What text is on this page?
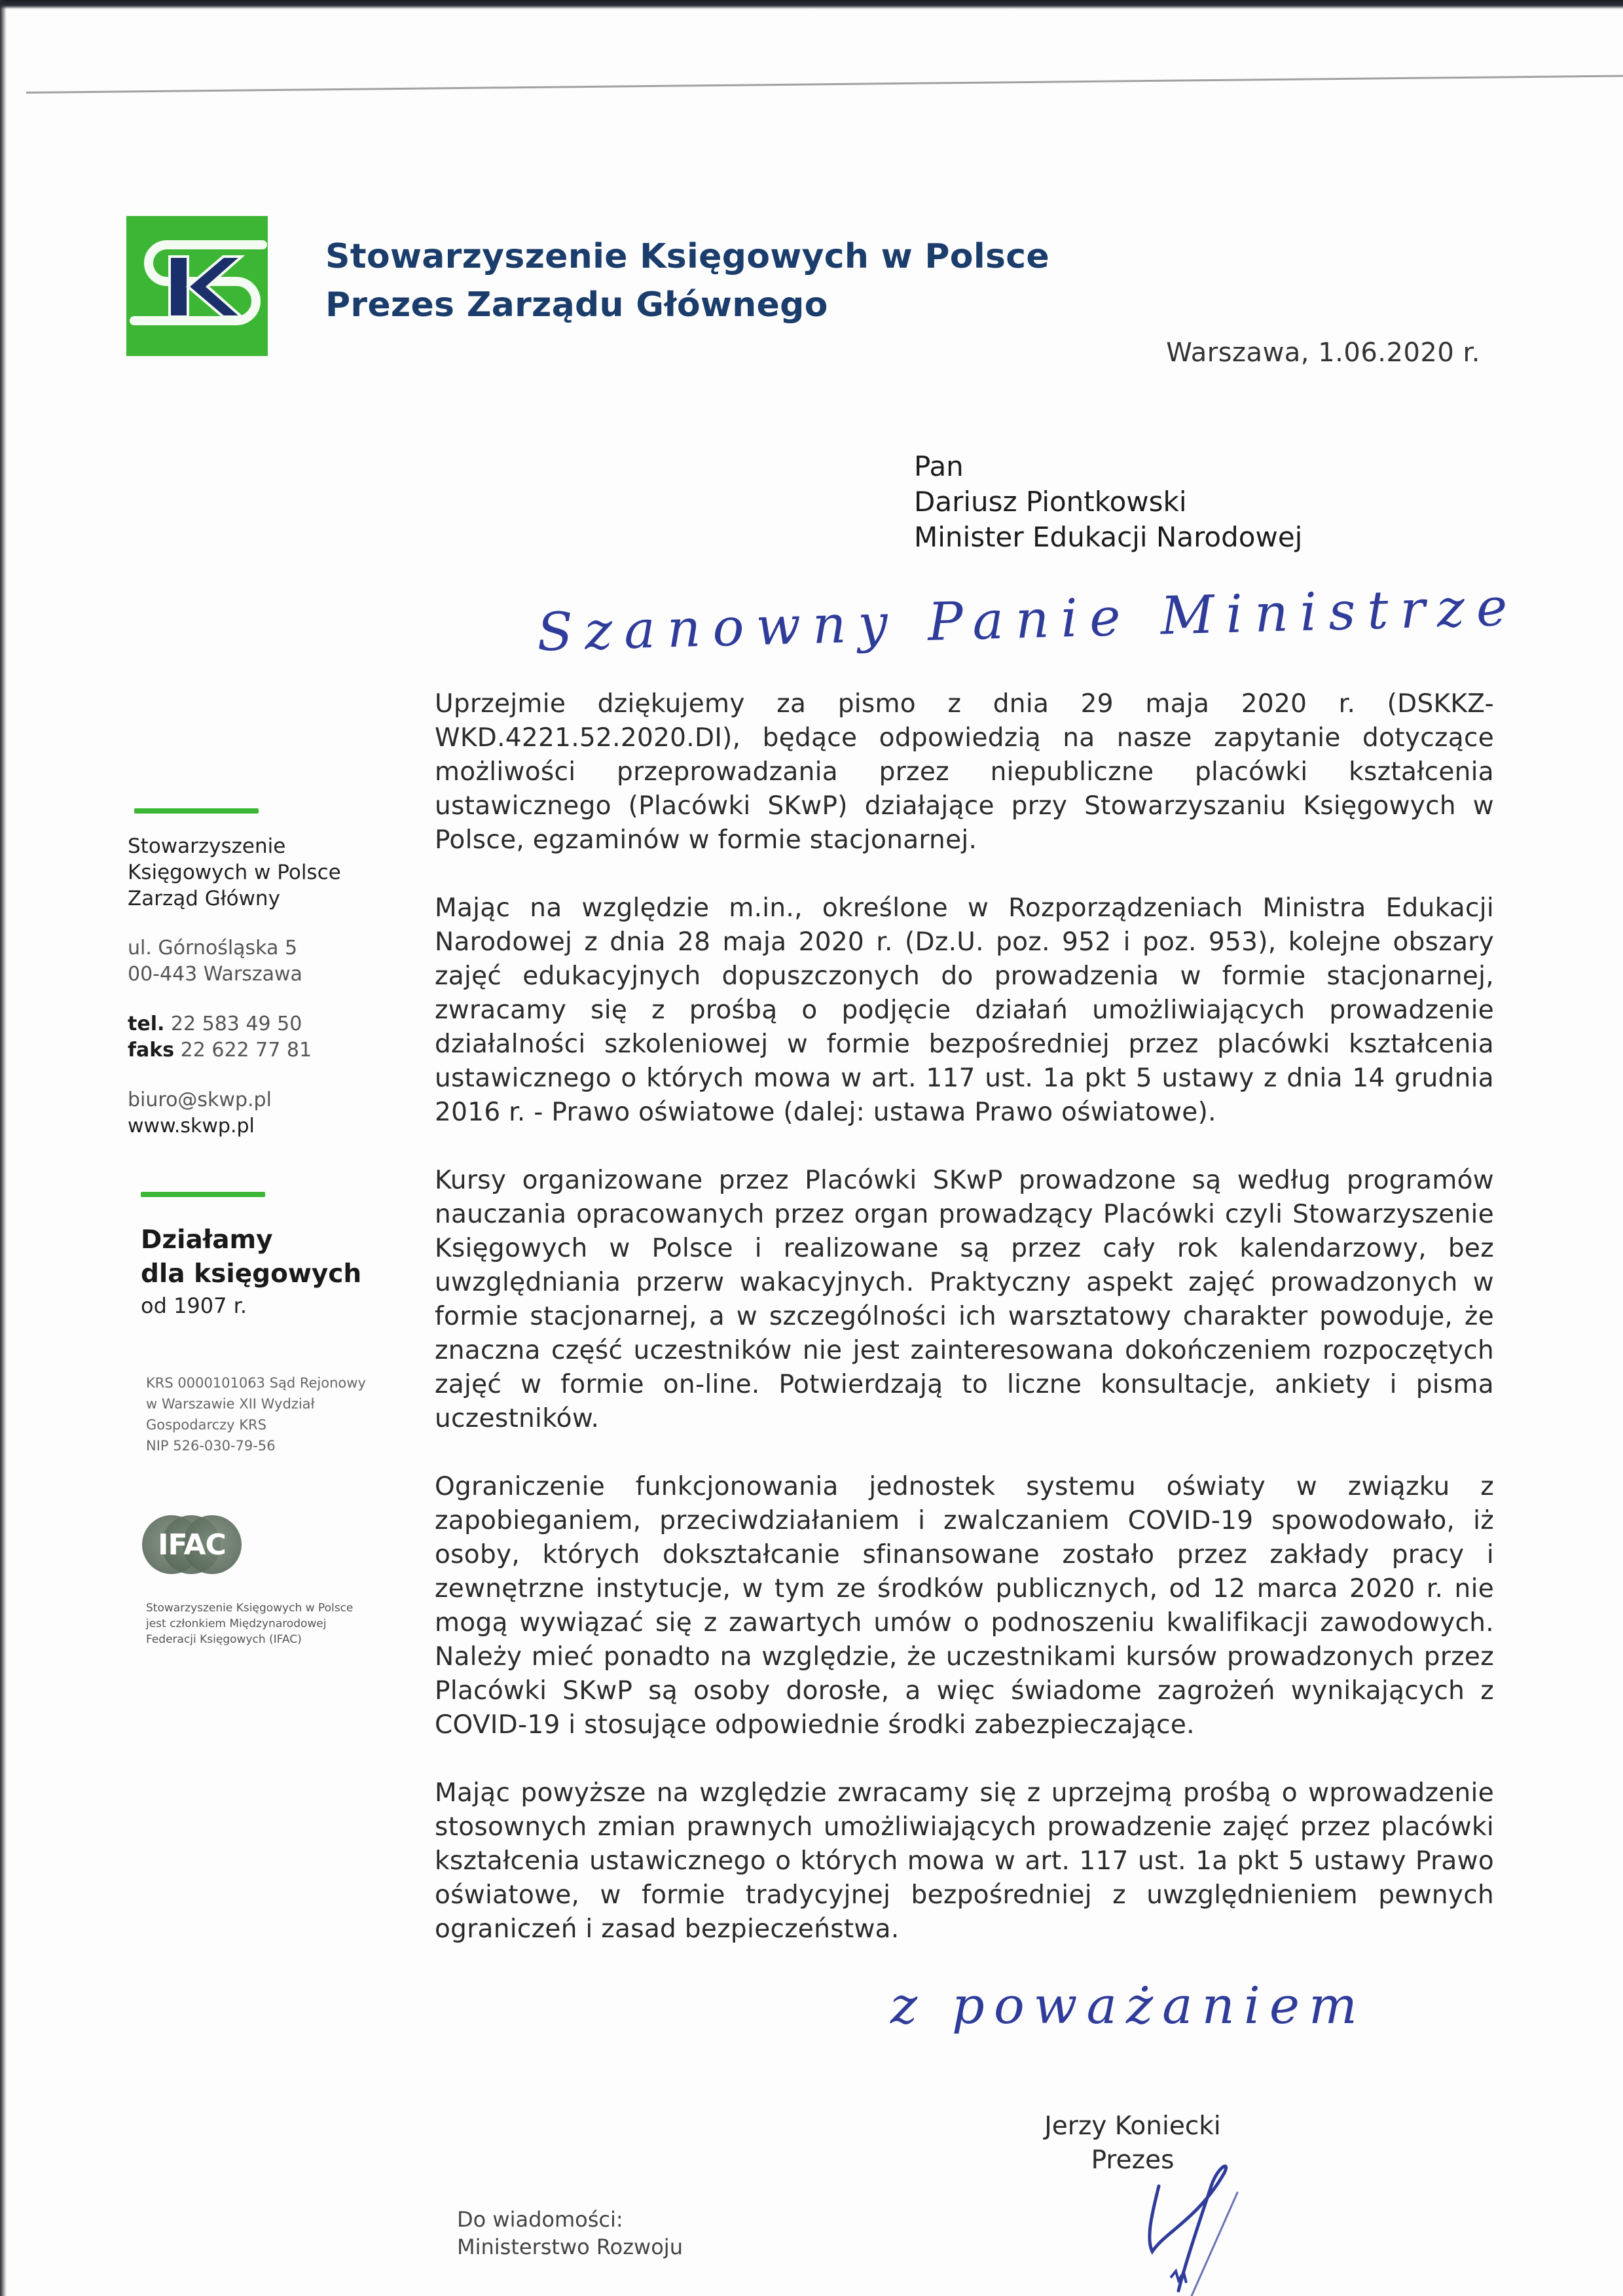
Stowarzyszenie Księgowych w Polsce
Prezes Zarządu Głównego
Warszawa, 1.06.2020 r.
Pan
Dariusz Piontkowski
Minister Edukacji Narodowej
Szanowny Panie Ministrze

Uprzejmie dziękujemy za pismo z dnia 29 maja 2020 r. (DSKKZ-WKD.4221.52.2020.DI), będące odpowiedzią na nasze zapytanie dotyczące możliwości przeprowadzania przez niepubliczne placówki kształcenia ustawicznego (Placówki SKwP) działające przy Stowarzyszaniu Księgowych w Polsce, egzaminów w formie stacjonarnej.

Mając na względzie m.in., określone w Rozporządzeniach Ministra Edukacji Narodowej z dnia 28 maja 2020 r. (Dz.U. poz. 952 i poz. 953), kolejne obszary zajęć edukacyjnych dopuszczonych do prowadzenia w formie stacjonarnej, zwracamy się z prośbą o podjęcie działań umożliwiających prowadzenie działalności szkoleniowej w formie bezpośredniej przez placówki kształcenia ustawicznego o których mowa w art. 117 ust. 1a pkt 5 ustawy z dnia 14 grudnia 2016 r. - Prawo oświatowe (dalej: ustawa Prawo oświatowe).

Kursy organizowane przez Placówki SKwP prowadzone są według programów nauczania opracowanych przez organ prowadzący Placówki czyli Stowarzyszenie Księgowych w Polsce i realizowane są przez cały rok kalendarzowy, bez uwzględniania przerw wakacyjnych. Praktyczny aspekt zajęć prowadzonych w formie stacjonarnej, a w szczególności ich warsztatowy charakter powoduje, że znaczna część uczestników nie jest zainteresowana dokończeniem rozpoczętych zajęć w formie on-line. Potwierdzają to liczne konsultacje, ankiety i pisma uczestników.

Ograniczenie funkcjonowania jednostek systemu oświaty w związku z zapobieganiem, przeciwdziałaniem i zwalczaniem COVID-19 spowodowało, iż osoby, których dokształcanie sfinansowane zostało przez zakłady pracy i zewnętrzne instytucje, w tym ze środków publicznych, od 12 marca 2020 r. nie mogą wywiązać się z zawartych umów o podnoszeniu kwalifikacji zawodowych. Należy mieć ponadto na względzie, że uczestnikami kursów prowadzonych przez Placówki SKwP są osoby dorosłe, a więc świadome zagrożeń wynikających z COVID-19 i stosujące odpowiednie środki zabezpieczające.

Mając powyższe na względzie zwracamy się z uprzejmą prośbą o wprowadzenie stosownych zmian prawnych umożliwiających prowadzenie zajęć przez placówki kształcenia ustawicznego o których mowa w art. 117 ust. 1a pkt 5 ustawy Prawo oświatowe, w formie tradycyjnej bezpośredniej z uwzględnieniem pewnych ograniczeń i zasad bezpieczeństwa.

z poważaniem
Jerzy Koniecki
Prezes
Do wiadomości:
Ministerstwo Rozwoju
Stowarzyszenie
Księgowych w Polsce
Zarząd Główny
ul. Górnośląska 5
00-443 Warszawa
tel. 22 583 49 50
faks 22 622 77 81
biuro@skwp.pl
www.skwp.pl
Działamy
dla księgowych
od 1907 r.
KRS 0000101063 Sąd Rejonowy
w Warszawie XII Wydział
Gospodarczy KRS
NIP 526-030-79-56
IFAC
Stowarzyszenie Księgowych w Polsce
jest członkiem Międzynarodowej
Federacji Księgowych (IFAC)
